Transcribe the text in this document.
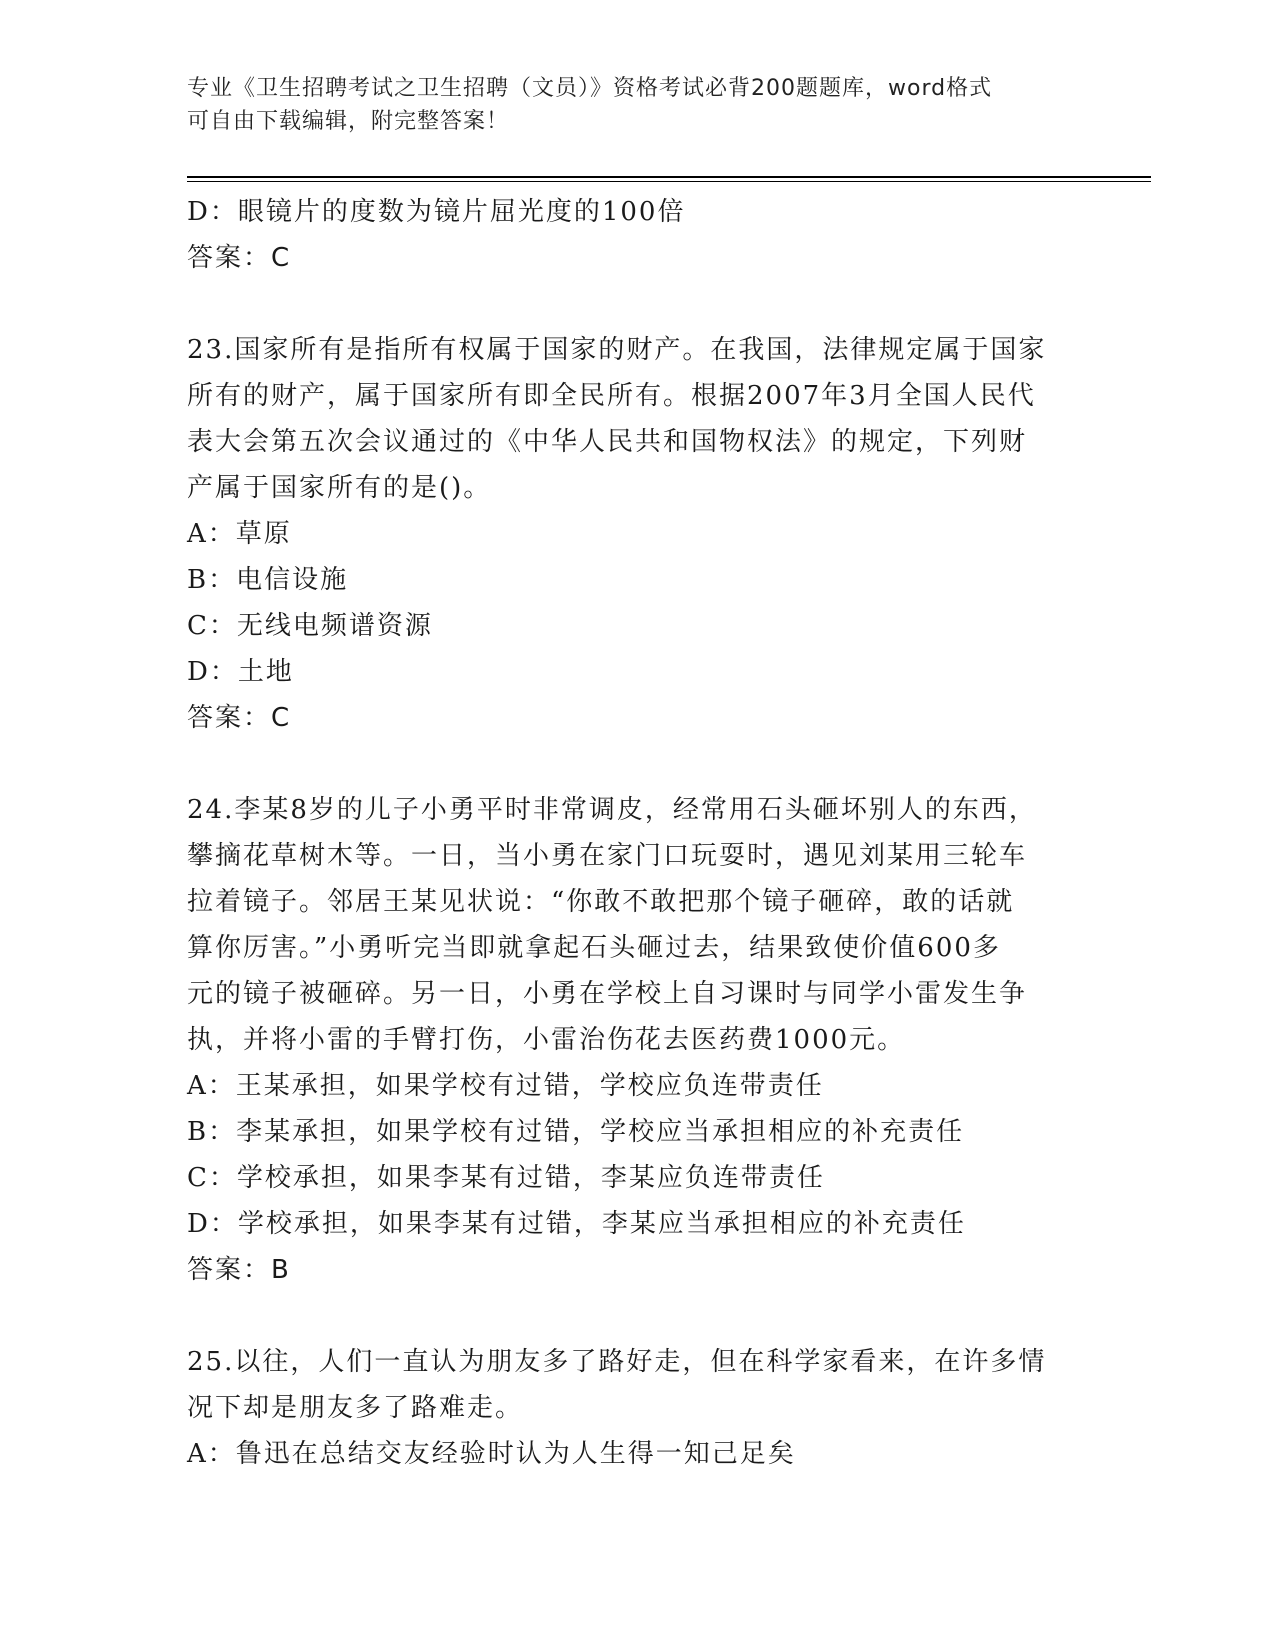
专业《卫生招聘考试之卫生招聘（文员）》资格考试必背200题题库，word格式
可自由下载编辑，附完整答案！

D：眼镜片的度数为镜片屈光度的100倍

答案：C

23.国家所有是指所有权属于国家的财产。在我国，法律规定属于国家

所有的财产，属于国家所有即全民所有。根据2007年3月全国人民代

表大会第五次会议通过的《中华人民共和国物权法》的规定，下列财

产属于国家所有的是()。

A：草原

B：电信设施

C：无线电频谱资源

D：土地

答案：C

24.李某8岁的儿子小勇平时非常调皮，经常用石头砸坏别人的东西，

攀摘花草树木等。一日，当小勇在家门口玩耍时，遇见刘某用三轮车

拉着镜子。邻居王某见状说：“你敢不敢把那个镜子砸碎，敢的话就

算你厉害。”小勇听完当即就拿起石头砸过去，结果致使价值600多

元的镜子被砸碎。另一日，小勇在学校上自习课时与同学小雷发生争

执，并将小雷的手臂打伤，小雷治伤花去医药费1000元。

A：王某承担，如果学校有过错，学校应负连带责任

B：李某承担，如果学校有过错，学校应当承担相应的补充责任

C：学校承担，如果李某有过错，李某应负连带责任

D：学校承担，如果李某有过错，李某应当承担相应的补充责任

答案：B

25.以往，人们一直认为朋友多了路好走，但在科学家看来，在许多情

况下却是朋友多了路难走。

A：鲁迅在总结交友经验时认为人生得一知己足矣
